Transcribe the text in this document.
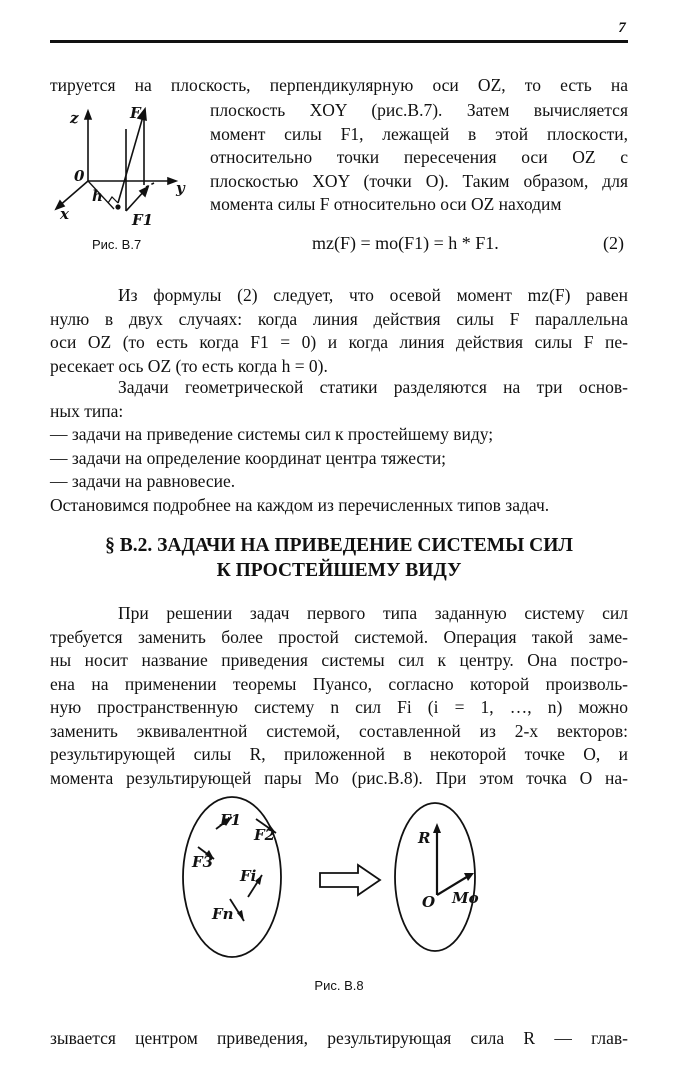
7
тируется на плоскость, перпендикулярную оси OZ, то есть на
плоскость XOY (рис.B.7). Затем вычисляется
момент силы F1, лежащей в этой плоскости,
относительно точки пересечения оси OZ с
плоскостью XOY (точки O). Таким образом, для
момента силы F относительно оси OZ находим
z	F
0
y
x
h
F1
Рис. В.7	mz(F) = mo(F1) = h * F1.	(2)
Из формулы (2) следует, что осевой момент mz(F) равен
нулю в двух случаях: когда линия действия силы F параллельна
оси OZ (то есть когда F1 = 0) и когда линия действия силы F пе-
ресекает ось OZ (то есть когда h = 0).
Задачи геометрической статики разделяются на три основ-
ных типа:
— задачи на приведение системы сил к простейшему виду;
— задачи на определение координат центра тяжести;
— задачи на равновесие.
Остановимся подробнее на каждом из перечисленных типов задач.
§ В.2. ЗАДАЧИ НА ПРИВЕДЕНИЕ СИСТЕМЫ СИЛ
К ПРОСТЕЙШЕМУ ВИДУ
При решении задач первого типа заданную систему сил
требуется заменить более простой системой. Операция такой заме-
ны носит название приведения системы сил к центру. Она постро-
ена на применении теоремы Пуансо, согласно которой произволь-
ную пространственную систему n сил Fi (i = 1, …, n) можно
заменить эквивалентной системой, составленной из 2-х векторов:
результирующей силы R, приложенной в некоторой точке O, и
момента результирующей пары Mo (рис.В.8). При этом точка O на-
F1
F2
F3
Fi
Fn
R
O Mo
Рис. В.8
зывается центром приведения, результирующая сила R — глав-
